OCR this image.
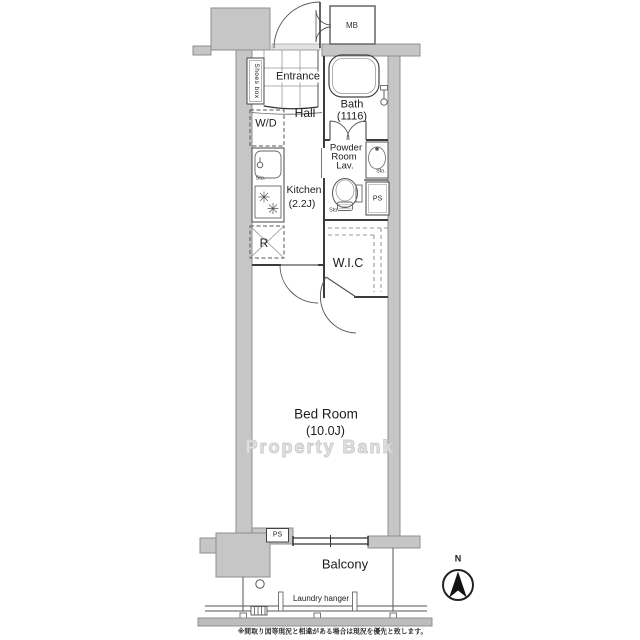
Entrance
Hall
Shoes box
W/D
MB
Bath
(1116)
Powder
Room
Lav.	Sto.
PS
Sto.
Kitchen
(2.2J)
Sto.
R
W.I.C
Bed Room
(10.0J)
Property Bank
PS
Balcony
Laundry hanger
N
※間取り図等現況と相違がある場合は現況を優先と致します。
